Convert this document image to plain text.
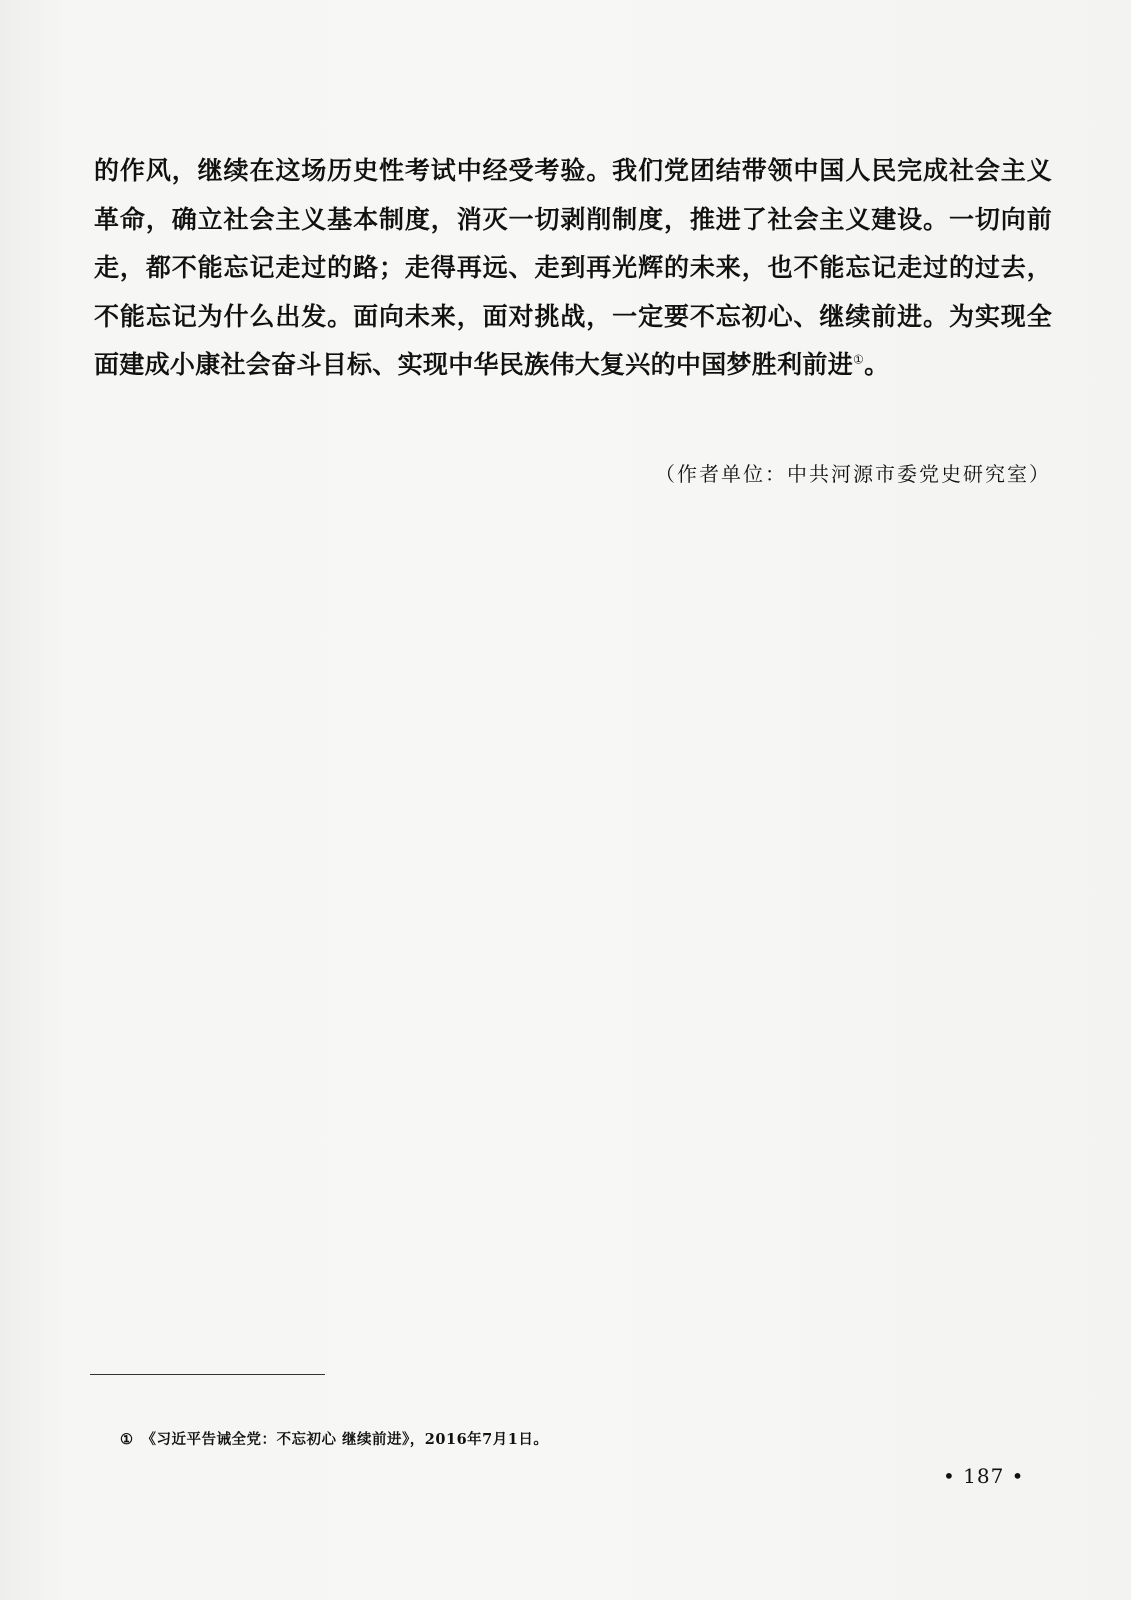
的作风，继续在这场历史性考试中经受考验。我们党团结带领中国人民完成社会主义革命，确立社会主义基本制度，消灭一切剥削制度，推进了社会主义建设。一切向前走，都不能忘记走过的路；走得再远、走到再光辉的未来，也不能忘记走过的过去，不能忘记为什么出发。面向未来，面对挑战，一定要不忘初心、继续前进。为实现全面建成小康社会奋斗目标、实现中华民族伟大复兴的中国梦胜利前进①。

（作者单位：中共河源市委党史研究室）

① 《习近平告诫全党：不忘初心 继续前进》，2016年7月1日。

• 187 •
